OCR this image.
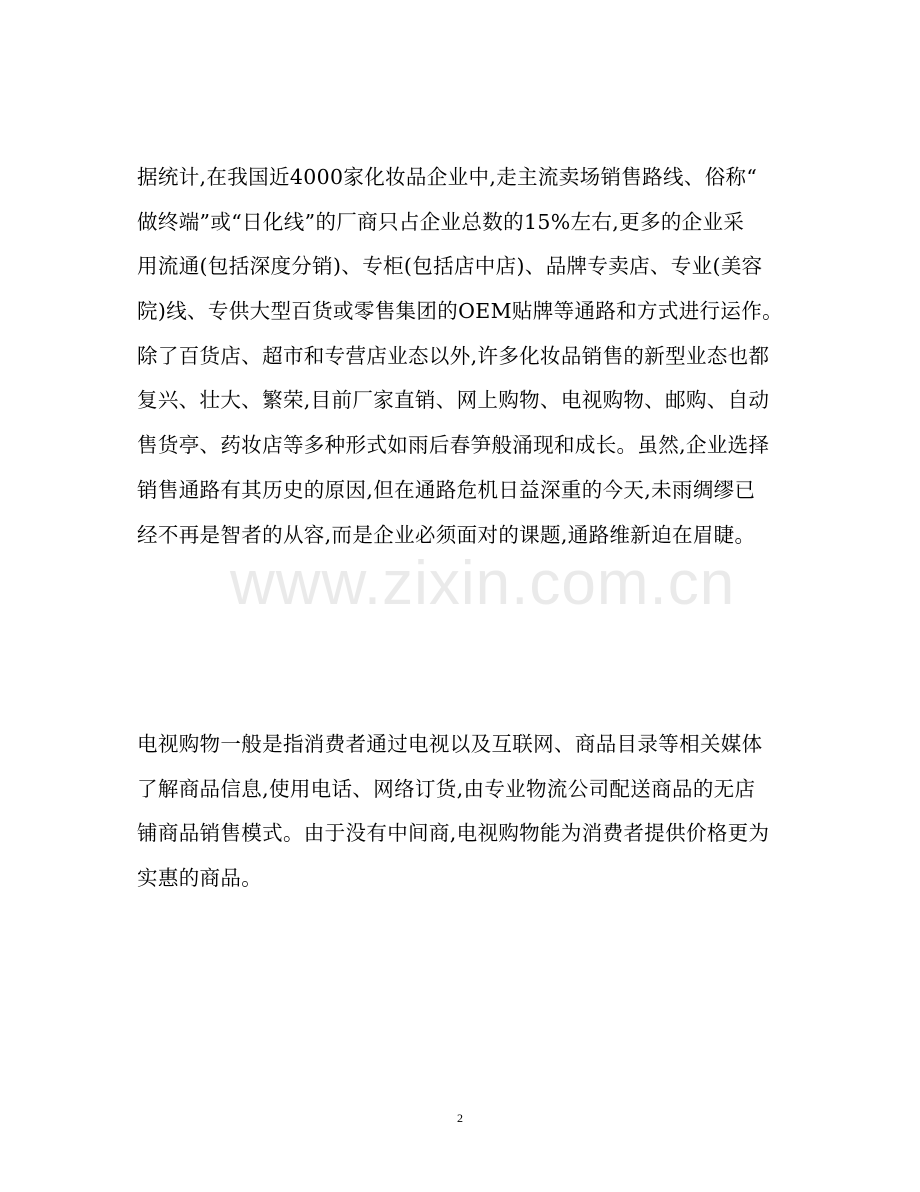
据统计,在我国近4000家化妆品企业中,走主流卖场销售路线、俗称“
做终端”或“日化线”的厂商只占企业总数的15%左右,更多的企业采
用流通(包括深度分销)、专柜(包括店中店)、品牌专卖店、专业(美容
院)线、专供大型百货或零售集团的OEM贴牌等通路和方式进行运作。
除了百货店、超市和专营店业态以外,许多化妆品销售的新型业态也都
复兴、壮大、繁荣,目前厂家直销、网上购物、电视购物、邮购、自动
售货亭、药妆店等多种形式如雨后春笋般涌现和成长。虽然,企业选择
销售通路有其历史的原因,但在通路危机日益深重的今天,未雨绸缪已
经不再是智者的从容,而是企业必须面对的课题,通路维新迫在眉睫。
www.zixin.com.cn
电视购物一般是指消费者通过电视以及互联网、商品目录等相关媒体
了解商品信息,使用电话、网络订货,由专业物流公司配送商品的无店
铺商品销售模式。由于没有中间商,电视购物能为消费者提供价格更为
实惠的商品。
2
